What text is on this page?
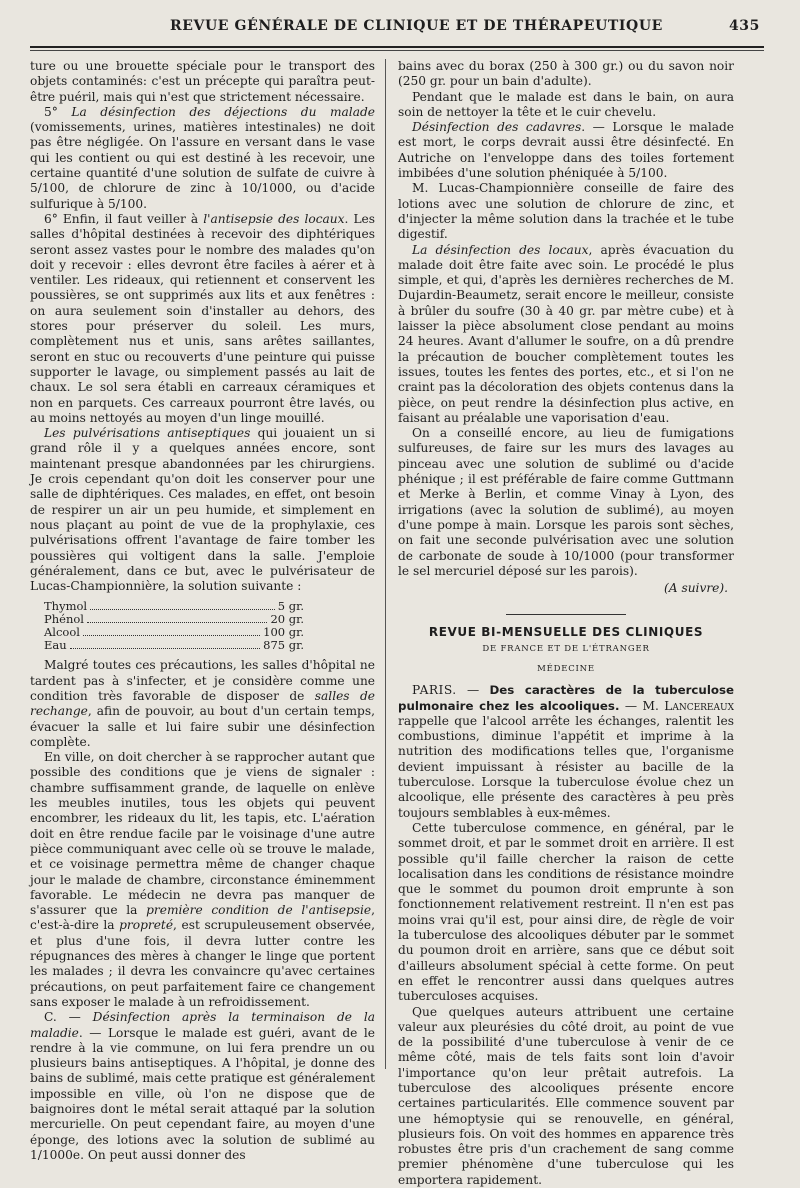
REVUE GÉNÉRALE DE CLINIQUE ET DE THÉRAPEUTIQUE	435

ture ou une brouette spéciale pour le transport des objets contaminés: c'est un précepte qui paraîtra peut-être puéril, mais qui n'est que strictement nécessaire.

5° La désinfection des déjections du malade (vomissements, urines, matières intestinales) ne doit pas être négligée. On l'assure en versant dans le vase qui les contient ou qui est destiné à les recevoir, une certaine quantité d'une solution de sulfate de cuivre à 5/100, de chlorure de zinc à 10/1000, ou d'acide sulfurique à 5/100.

6° Enfin, il faut veiller à l'antisepsie des locaux. Les salles d'hôpital destinées à recevoir des diphtériques seront assez vastes pour le nombre des malades qu'on doit y recevoir : elles devront être faciles à aérer et à ventiler. Les rideaux, qui retiennent et conservent les poussières, se ont supprimés aux lits et aux fenêtres : on aura seulement soin d'installer au dehors, des stores pour préserver du soleil. Les murs, complètement nus et unis, sans arêtes saillantes, seront en stuc ou recouverts d'une peinture qui puisse supporter le lavage, ou simplement passés au lait de chaux. Le sol sera établi en carreaux céramiques et non en parquets. Ces carreaux pourront être lavés, ou au moins nettoyés au moyen d'un linge mouillé.

Les pulvérisations antiseptiques qui jouaient un si grand rôle il y a quelques années encore, sont maintenant presque abandonnées par les chirurgiens. Je crois cependant qu'on doit les conserver pour une salle de diphtériques. Ces malades, en effet, ont besoin de respirer un air un peu humide, et simplement en nous plaçant au point de vue de la prophylaxie, ces pulvérisations offrent l'avantage de faire tomber les poussières qui voltigent dans la salle. J'emploie généralement, dans ce but, avec le pulvérisateur de Lucas-Championnière, la solution suivante :

Thymol	5 gr.
Phénol	20 gr.
Alcool	100 gr.
Eau	875 gr.

Malgré toutes ces précautions, les salles d'hôpital ne tardent pas à s'infecter, et je considère comme une condition très favorable de disposer de salles de rechange, afin de pouvoir, au bout d'un certain temps, évacuer la salle et lui faire subir une désinfection complète.

En ville, on doit chercher à se rapprocher autant que possible des conditions que je viens de signaler : chambre suffisamment grande, de laquelle on enlève les meubles inutiles, tous les objets qui peuvent encombrer, les rideaux du lit, les tapis, etc. L'aération doit en être rendue facile par le voisinage d'une autre pièce communiquant avec celle où se trouve le malade, et ce voisinage permettra même de changer chaque jour le malade de chambre, circonstance éminemment favorable. Le médecin ne devra pas manquer de s'assurer que la première condition de l'antisepsie, c'est-à-dire la propreté, est scrupuleusement observée, et plus d'une fois, il devra lutter contre les répugnances des mères à changer le linge que portent les malades ; il devra les convaincre qu'avec certaines précautions, on peut parfaitement faire ce changement sans exposer le malade à un refroidissement.

C. — Désinfection après la terminaison de la maladie. — Lorsque le malade est guéri, avant de le rendre à la vie commune, on lui fera prendre un ou plusieurs bains antiseptiques. A l'hôpital, je donne des bains de sublimé, mais cette pratique est généralement impossible en ville, où l'on ne dispose que de baignoires dont le métal serait attaqué par la solution mercurielle. On peut cependant faire, au moyen d'une éponge, des lotions avec la solution de sublimé au 1/1000e. On peut aussi donner des

bains avec du borax (250 à 300 gr.) ou du savon noir (250 gr. pour un bain d'adulte).

Pendant que le malade est dans le bain, on aura soin de nettoyer la tête et le cuir chevelu.

Désinfection des cadavres. — Lorsque le malade est mort, le corps devrait aussi être désinfecté. En Autriche on l'enveloppe dans des toiles fortement imbibées d'une solution phéniquée à 5/100.

M. Lucas-Championnière conseille de faire des lotions avec une solution de chlorure de zinc, et d'injecter la même solution dans la trachée et le tube digestif.

La désinfection des locaux, après évacuation du malade doit être faite avec soin. Le procédé le plus simple, et qui, d'après les dernières recherches de M. Dujardin-Beaumetz, serait encore le meilleur, consiste à brûler du soufre (30 à 40 gr. par mètre cube) et à laisser la pièce absolument close pendant au moins 24 heures. Avant d'allumer le soufre, on a dû prendre la précaution de boucher complètement toutes les issues, toutes les fentes des portes, etc., et si l'on ne craint pas la décoloration des objets contenus dans la pièce, on peut rendre la désinfection plus active, en faisant au préalable une vaporisation d'eau.

On a conseillé encore, au lieu de fumigations sulfureuses, de faire sur les murs des lavages au pinceau avec une solution de sublimé ou d'acide phénique ; il est préférable de faire comme Guttmann et Merke à Berlin, et comme Vinay à Lyon, des irrigations (avec la solution de sublimé), au moyen d'une pompe à main. Lorsque les parois sont sèches, on fait une seconde pulvérisation avec une solution de carbonate de soude à 10/1000 (pour transformer le sel mercuriel déposé sur les parois).

(A suivre).
REVUE BI-MENSUELLE DES CLINIQUES
DE FRANCE ET DE L'ÉTRANGER
MÉDECINE

PARIS. — Des caractères de la tuberculose pulmonaire chez les alcooliques. — M. Lancereaux rappelle que l'alcool arrête les échanges, ralentit les combustions, diminue l'appétit et imprime à la nutrition des modifications telles que, l'organisme devient impuissant à résister au bacille de la tuberculose. Lorsque la tuberculose évolue chez un alcoolique, elle présente des caractères à peu près toujours semblables à eux-mêmes.

Cette tuberculose commence, en général, par le sommet droit, et par le sommet droit en arrière. Il est possible qu'il faille chercher la raison de cette localisation dans les conditions de résistance moindre que le sommet du poumon droit emprunte à son fonctionnement relativement restreint. Il n'en est pas moins vrai qu'il est, pour ainsi dire, de règle de voir la tuberculose des alcooliques débuter par le sommet du poumon droit en arrière, sans que ce début soit d'ailleurs absolument spécial à cette forme. On peut en effet le rencontrer aussi dans quelques autres tuberculoses acquises.

Que quelques auteurs attribuent une certaine valeur aux pleurésies du côté droit, au point de vue de la possibilité d'une tuberculose à venir de ce même côté, mais de tels faits sont loin d'avoir l'importance qu'on leur prêtait autrefois. La tuberculose des alcooliques présente encore certaines particularités. Elle commence souvent par une hémoptysie qui se renouvelle, en général, plusieurs fois. On voit des hommes en apparence très robustes être pris d'un crachement de sang comme premier phénomène d'une tuberculose qui les emportera rapidement.
